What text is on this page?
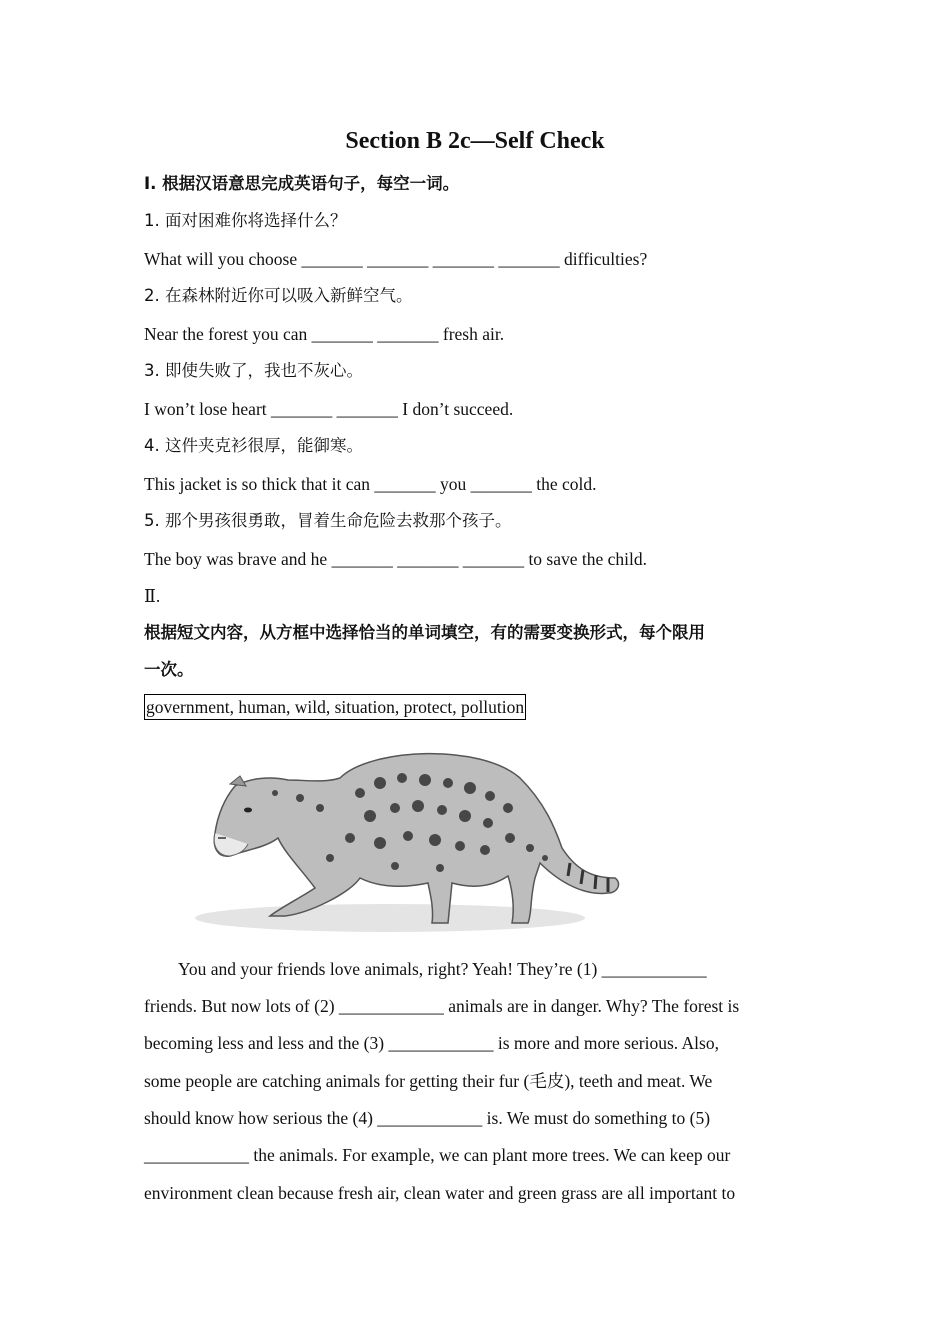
Section B 2c—Self Check
Ⅰ. 根据汉语意思完成英语句子，每空一词。
1. 面对困难你将选择什么？
What will you choose _______ _______ _______ _______ difficulties?
2. 在森林附近你可以吸入新鲜空气。
Near the forest you can _______ _______ fresh air.
3. 即使失败了，我也不灰心。
I won’t lose heart _______ _______ I don’t succeed.
4. 这件夹克衫很厚，能御寒。
This jacket is so thick that it can _______ you _______ the cold.
5. 那个男孩很勇敢，冒着生命危险去救那个孩子。
The boy was brave and he _______ _______ _______ to save the child.
Ⅱ.
根据短文内容，从方框中选择恰当的单词填空，有的需要变换形式，每个限用
一次。
government, human, wild, situation, protect, pollution
You and your friends love animals, right? Yeah! They’re (1) ____________
friends. But now lots of (2) ____________ animals are in danger. Why? The forest is
becoming less and less and the (3) ____________ is more and more serious. Also,
some people are catching animals for getting their fur (毛皮), teeth and meat. We
should know how serious the (4) ____________ is. We must do something to (5)
____________ the animals. For example, we can plant more trees. We can keep our
environment clean because fresh air, clean water and green grass are all important to
